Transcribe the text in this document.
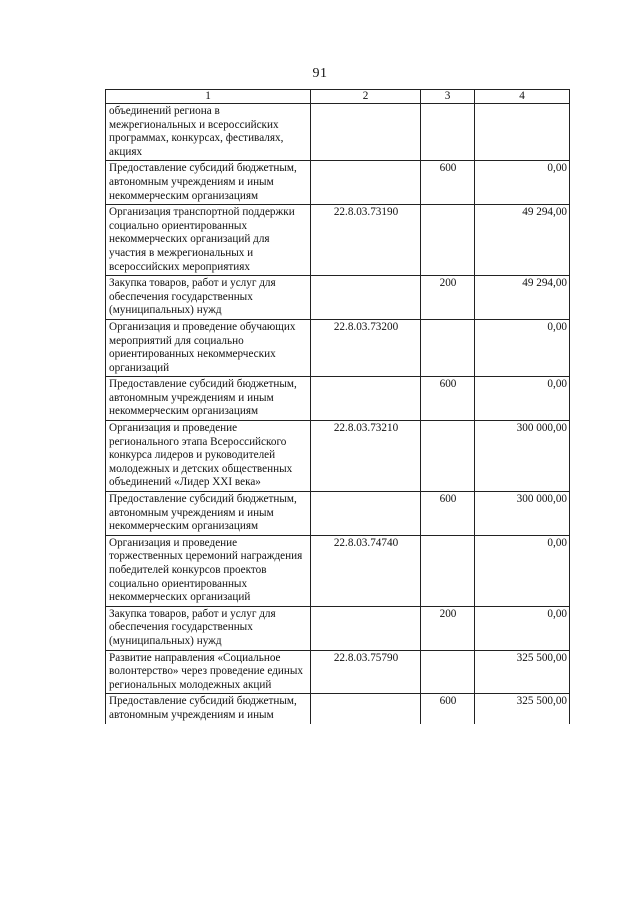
91
1	2	3	4
объединений региона в межрегиональных и всероссийских программах, конкурсах, фестивалях, акциях			
Предоставление субсидий бюджетным, автономным учреждениям и иным некоммерческим организациям		600	0,00
Организация транспортной поддержки социально ориентированных некоммерческих организаций для участия в межрегиональных и всероссийских мероприятиях	22.8.03.73190		49 294,00
Закупка товаров, работ и услуг для обеспечения государственных (муниципальных) нужд		200	49 294,00
Организация и проведение обучающих мероприятий для социально ориентированных некоммерческих организаций	22.8.03.73200		0,00
Предоставление субсидий бюджетным, автономным учреждениям и иным некоммерческим организациям		600	0,00
Организация и проведение регионального этапа Всероссийского конкурса лидеров и руководителей молодежных и детских общественных объединений «Лидер XXI века»	22.8.03.73210		300 000,00
Предоставление субсидий бюджетным, автономным учреждениям и иным некоммерческим организациям		600	300 000,00
Организация и проведение торжественных церемоний награждения победителей конкурсов проектов социально ориентированных некоммерческих организаций	22.8.03.74740		0,00
Закупка товаров, работ и услуг для обеспечения государственных (муниципальных) нужд		200	0,00
Развитие направления «Социальное волонтерство» через проведение единых региональных молодежных акций	22.8.03.75790		325 500,00
Предоставление субсидий бюджетным, автономным учреждениям и иным		600	325 500,00
